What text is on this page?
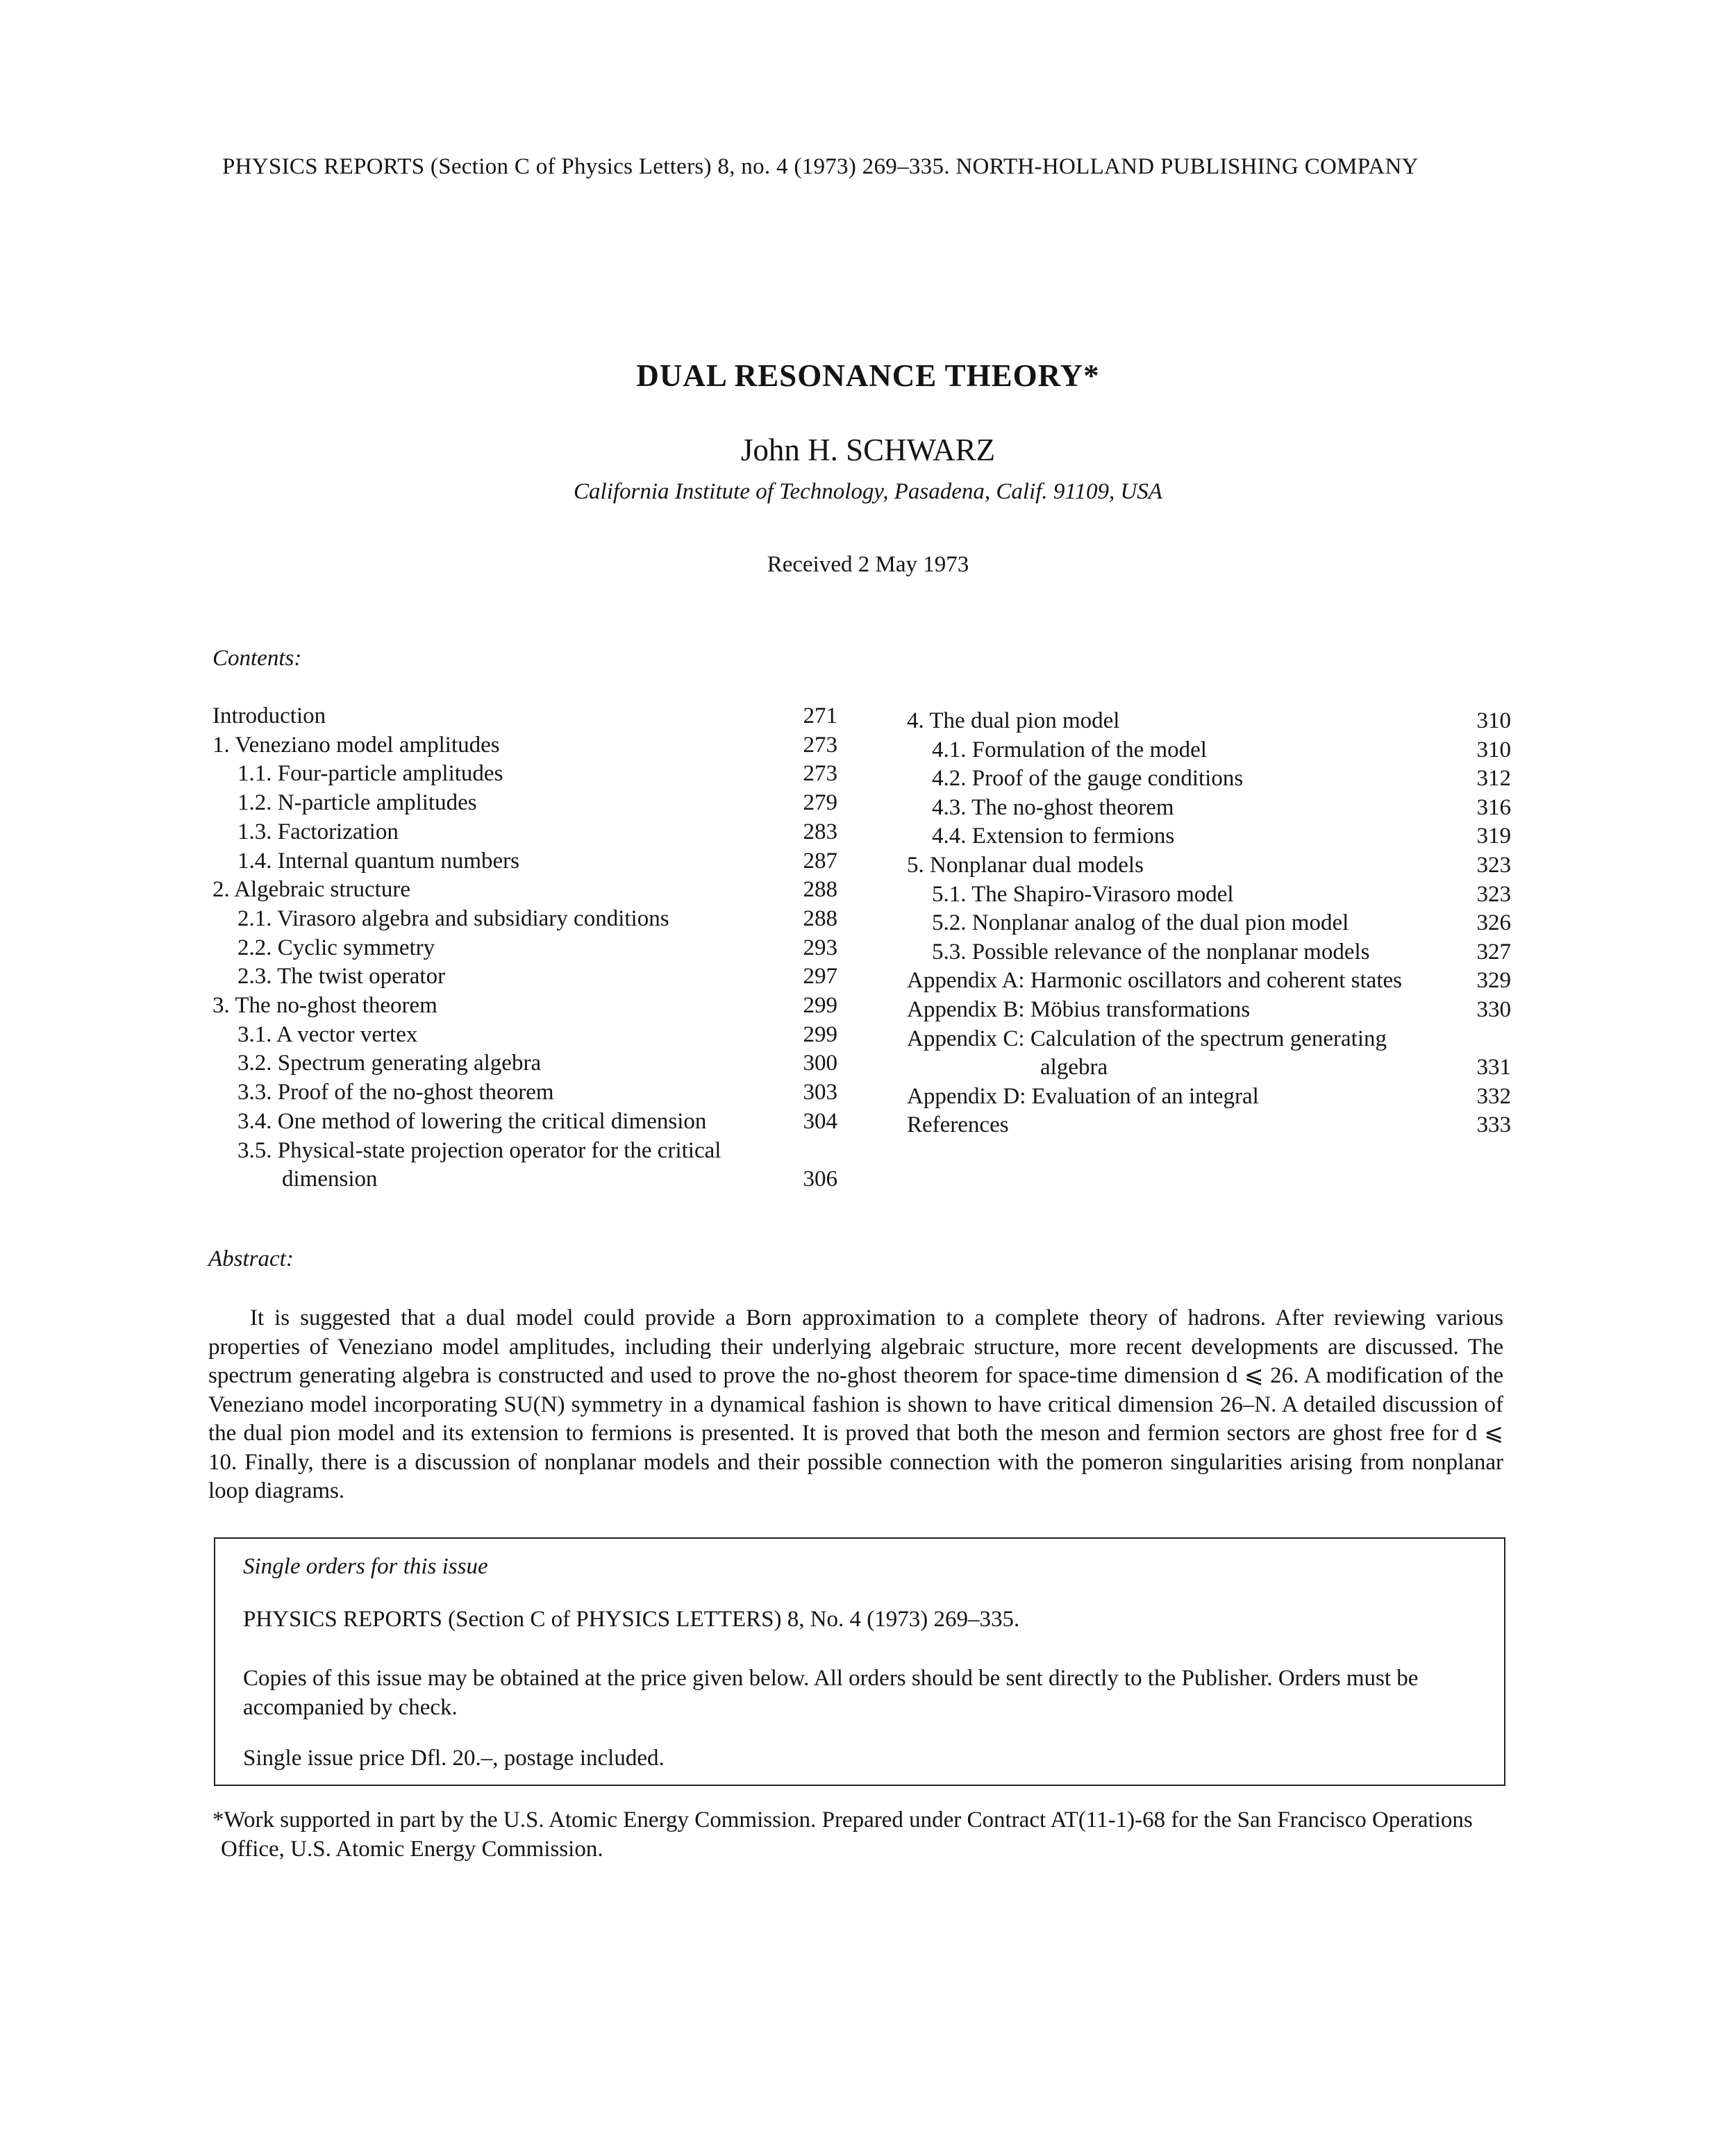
PHYSICS REPORTS (Section C of Physics Letters) 8, no. 4 (1973) 269–335. NORTH-HOLLAND PUBLISHING COMPANY
DUAL RESONANCE THEORY*
John H. SCHWARZ
California Institute of Technology, Pasadena, Calif. 91109, USA
Received 2 May 1973
Contents:
Introduction	271
1. Veneziano model amplitudes	273
1.1. Four-particle amplitudes	273
1.2. N-particle amplitudes	279
1.3. Factorization	283
1.4. Internal quantum numbers	287
2. Algebraic structure	288
2.1. Virasoro algebra and subsidiary conditions	288
2.2. Cyclic symmetry	293
2.3. The twist operator	297
3. The no-ghost theorem	299
3.1. A vector vertex	299
3.2. Spectrum generating algebra	300
3.3. Proof of the no-ghost theorem	303
3.4. One method of lowering the critical dimension	304
3.5. Physical-state projection operator for the critical
dimension	306
4. The dual pion model	310
4.1. Formulation of the model	310
4.2. Proof of the gauge conditions	312
4.3. The no-ghost theorem	316
4.4. Extension to fermions	319
5. Nonplanar dual models	323
5.1. The Shapiro-Virasoro model	323
5.2. Nonplanar analog of the dual pion model	326
5.3. Possible relevance of the nonplanar models	327
Appendix A: Harmonic oscillators and coherent states	329
Appendix B: Möbius transformations	330
Appendix C: Calculation of the spectrum generating
algebra	331
Appendix D: Evaluation of an integral	332
References	333
Abstract:
It is suggested that a dual model could provide a Born approximation to a complete theory of hadrons. After reviewing various properties of Veneziano model amplitudes, including their underlying algebraic structure, more recent developments are discussed. The spectrum generating algebra is constructed and used to prove the no-ghost theorem for space-time dimension d ⩽ 26. A modification of the Veneziano model incorporating SU(N) symmetry in a dynamical fashion is shown to have critical dimension 26–N. A detailed discussion of the dual pion model and its extension to fermions is presented. It is proved that both the meson and fermion sectors are ghost free for d ⩽ 10. Finally, there is a discussion of nonplanar models and their possible connection with the pomeron singularities arising from nonplanar loop diagrams.
Single orders for this issue
PHYSICS REPORTS (Section C of PHYSICS LETTERS) 8, No. 4 (1973) 269–335.
Copies of this issue may be obtained at the price given below. All orders should be sent directly to the Publisher. Orders must be accompanied by check.
Single issue price Dfl. 20.–, postage included.
*Work supported in part by the U.S. Atomic Energy Commission. Prepared under Contract AT(11-1)-68 for the San Francisco Operations Office, U.S. Atomic Energy Commission.
